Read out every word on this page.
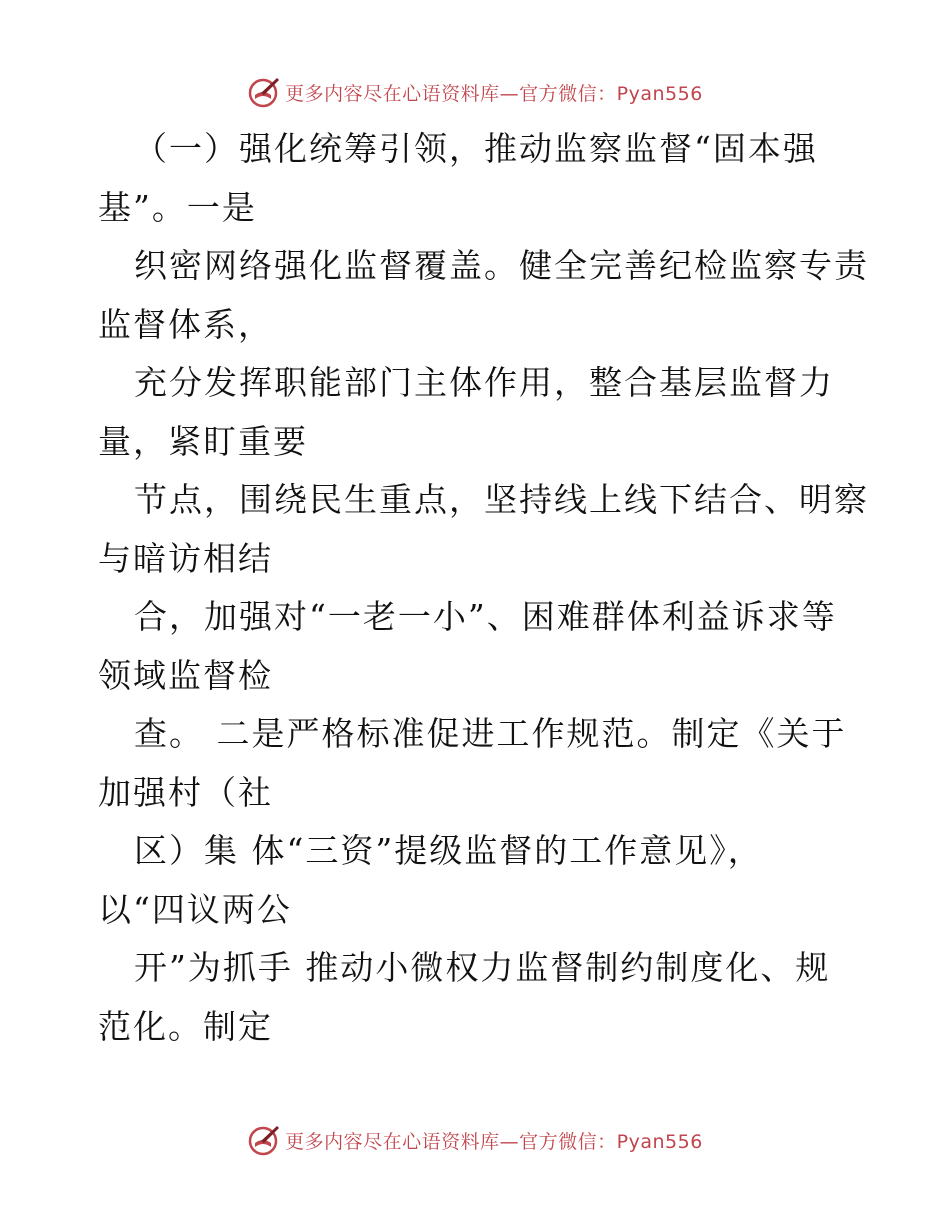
更多内容尽在心语资料库—官方微信：Pyan556
（一）强化统筹引领，推动监察监督“固本强
基”。一是
织密网络强化监督覆盖。健全完善纪检监察专责
监督体系，
充分发挥职能部门主体作用，整合基层监督力
量，紧盯重要
节点，围绕民生重点，坚持线上线下结合、明察
与暗访相结
合，加强对“一老一小”、困难群体利益诉求等
领域监督检
查。 二是严格标准促进工作规范。制定《关于
加强村（社
区）集 体“三资”提级监督的工作意见》，
以“四议两公
开”为抓手 推动小微权力监督制约制度化、规
范化。制定
更多内容尽在心语资料库—官方微信：Pyan556
